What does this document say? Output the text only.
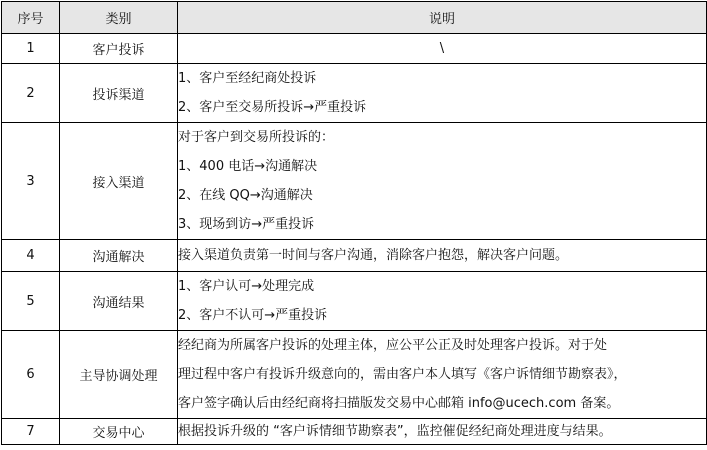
序号	类别	说明
1	客户投诉	\

2	投诉渠道	1、客户至经纪商处投诉
2、客户至交易所投诉→严重投诉

3	接入渠道	对于客户到交易所投诉的：
1、400 电话→沟通解决
2、在线 QQ→沟通解决
3、现场到访→严重投诉

4	沟通解决	接入渠道负责第一时间与客户沟通，消除客户抱怨，解决客户问题。

5	沟通结果	1、客户认可→处理完成
2、客户不认可→严重投诉

6	主导协调处理	经纪商为所属客户投诉的处理主体，应公平公正及时处理客户投诉。对于处
理过程中客户有投诉升级意向的，需由客户本人填写《客户诉情细节勘察表》，
客户签字确认后由经纪商将扫描版发交易中心邮箱 info@ucech.com 备案。

7	交易中心	根据投诉升级的 “客户诉情细节勘察表”，监控催促经纪商处理进度与结果。
